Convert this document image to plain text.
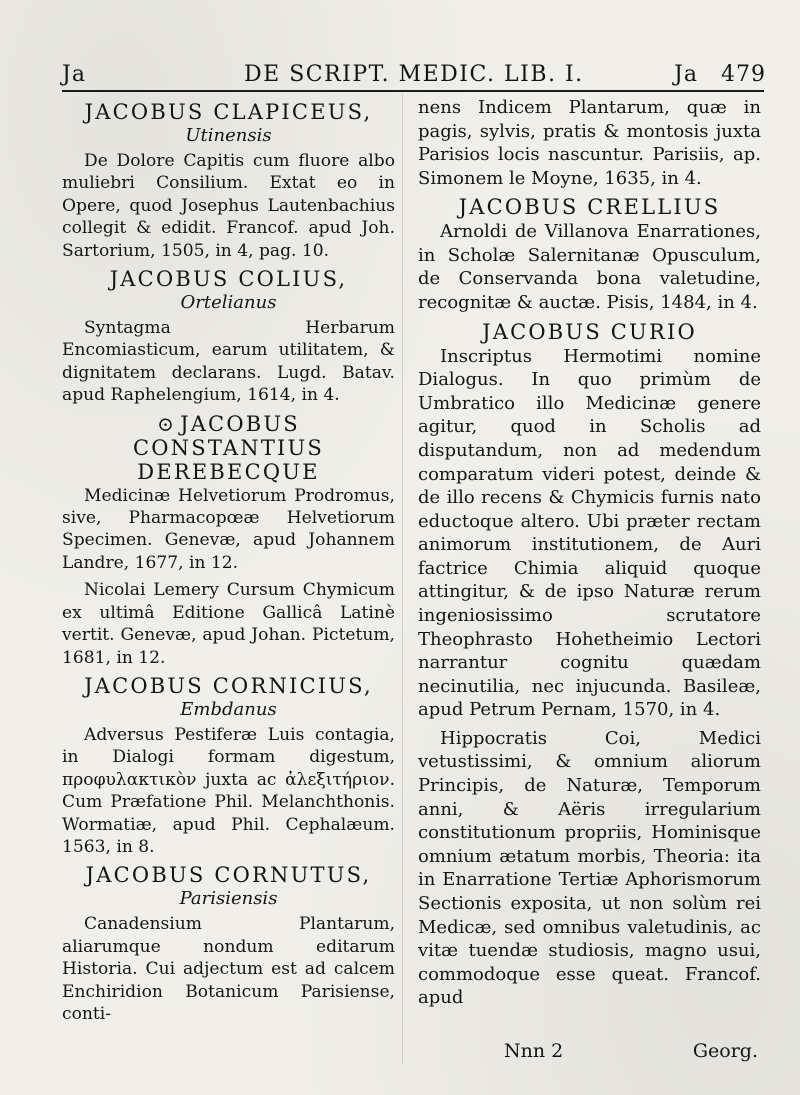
Ja	DE SCRIPT. MEDIC. LIB. I.	Ja 479
JACOBUS CLAPICEUS,
Utinensis

De Dolore Capitis cum fluore albo muliebri Consilium. Extat eo in Opere, quod Josephus Lautenbachius collegit & edidit. Francof. apud Joh. Sartorium, 1505, in 4, pag. 10.

JACOBUS COLIUS,
Ortelianus

Syntagma Herbarum Encomiasticum, earum utilitatem, & dignitatem declarans. Lugd. Batav. apud Raphelengium, 1614, in 4.

⊙ JACOBUS CONSTANTIUS DEREBECQUE

Medicinæ Helvetiorum Prodromus, sive, Pharmacopœæ Helvetiorum Specimen. Genevæ, apud Johannem Landre, 1677, in 12.

Nicolai Lemery Cursum Chymicum ex ultimâ Editione Gallicâ Latinè vertit. Genevæ, apud Johan. Pictetum, 1681, in 12.

JACOBUS CORNICIUS,
Embdanus

Adversus Pestiferæ Luis contagia, in Dialogi formam digestum, προφυλακτικὸν juxta ac ἀλεξιτήριον. Cum Præfatione Phil. Melanchthonis. Wormatiæ, apud Phil. Cephalæum. 1563, in 8.

JACOBUS CORNUTUS,
Parisiensis

Canadensium Plantarum, aliarumque nondum editarum Historia. Cui adjectum est ad calcem Enchiridion Botanicum Parisiense, conti-

nens Indicem Plantarum, quæ in pagis, sylvis, pratis & montosis juxta Parisios locis nascuntur. Parisiis, ap. Simonem le Moyne, 1635, in 4.

JACOBUS CRELLIUS

Arnoldi de Villanova Enarrationes, in Scholæ Salernitanæ Opusculum, de Conservanda bona valetudine, recognitæ & auctæ. Pisis, 1484, in 4.

JACOBUS CURIO

Inscriptus Hermotimi nomine Dialogus. In quo primùm de Umbratico illo Medicinæ genere agitur, quod in Scholis ad disputandum, non ad medendum comparatum videri potest, deinde & de illo recens & Chymicis furnis nato eductoque altero. Ubi præter rectam animorum institutionem, de Auri factrice Chimia aliquid quoque attingitur, & de ipso Naturæ rerum ingeniosissimo scrutatore Theophrasto Hohetheimio Lectori narrantur cognitu quædam necinutilia, nec injucunda. Basileæ, apud Petrum Pernam, 1570, in 4.

Hippocratis Coi, Medici vetustissimi, & omnium aliorum Principis, de Naturæ, Temporum anni, & Aëris irregularium constitutionum propriis, Hominisque omnium ætatum morbis, Theoria: ita in Enarratione Tertiæ Aphorismorum Sectionis exposita, ut non solùm rei Medicæ, sed omnibus valetudinis, ac vitæ tuendæ studiosis, magno usui, commodoque esse queat. Francof. apud

Nnn 2	Georg.
